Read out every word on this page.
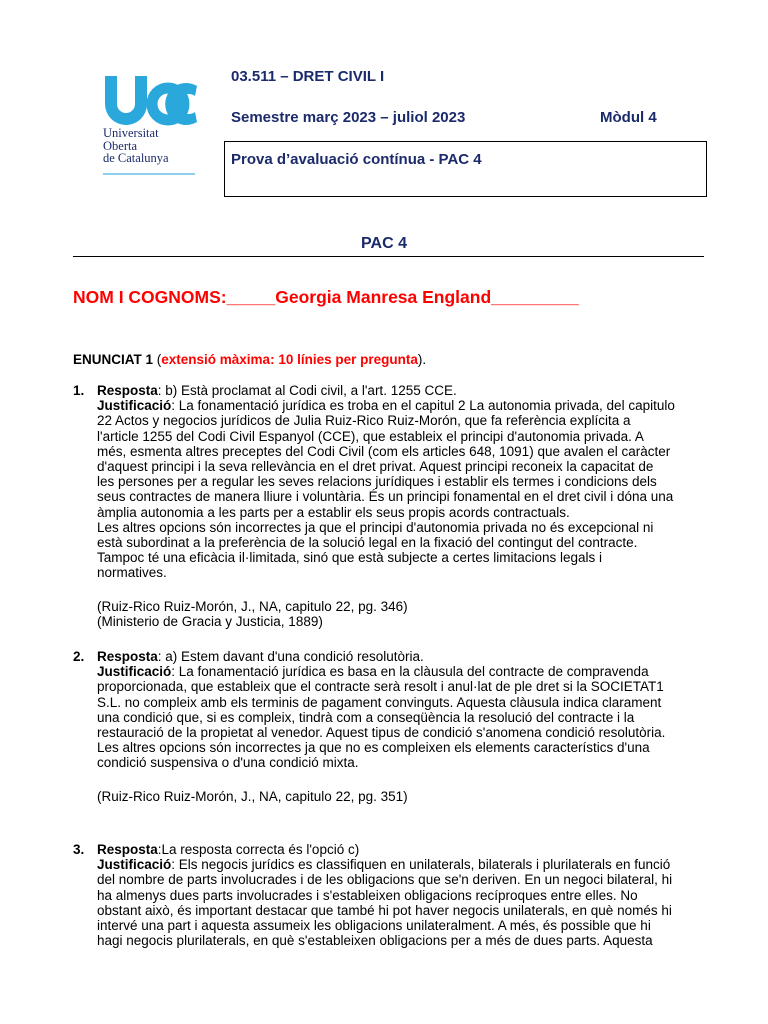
Universitat
Oberta
de Catalunya
03.511 – DRET CIVIL I
Semestre març 2023 – juliol 2023	Mòdul 4
Prova d’avaluació contínua - PAC 4
PAC 4
NOM I COGNOMS:_____Georgia Manresa England_________
ENUNCIAT 1 (extensió màxima: 10 línies per pregunta).
1. Resposta: b) Està proclamat al Codi civil, a l'art. 1255 CCE.

Justificació: La fonamentació jurídica es troba en el capitul 2 La autonomia privada, del capitulo

22 Actos y negocios jurídicos de Julia Ruiz-Rico Ruiz-Morón, que fa referència explícita a

l'article 1255 del Codi Civil Espanyol (CCE), que estableix el principi d'autonomia privada. A

més, esmenta altres preceptes del Codi Civil (com els articles 648, 1091) que avalen el caràcter

d'aquest principi i la seva rellevància en el dret privat. Aquest principi reconeix la capacitat de

les persones per a regular les seves relacions jurídiques i establir els termes i condicions dels

seus contractes de manera lliure i voluntària. És un principi fonamental en el dret civil i dóna una

àmplia autonomia a les parts per a establir els seus propis acords contractuals.

Les altres opcions són incorrectes ja que el principi d'autonomia privada no és excepcional ni

està subordinat a la preferència de la solució legal en la fixació del contingut del contracte.

Tampoc té una eficàcia il·limitada, sinó que està subjecte a certes limitacions legals i

normatives.

(Ruiz-Rico Ruiz-Morón, J., NA, capitulo 22, pg. 346)

(Ministerio de Gracia y Justicia, 1889)

2. Resposta: a) Estem davant d'una condició resolutòria.

Justificació: La fonamentació jurídica es basa en la clàusula del contracte de compravenda

proporcionada, que estableix que el contracte serà resolt i anul·lat de ple dret si la SOCIETAT1

S.L. no compleix amb els terminis de pagament convinguts. Aquesta clàusula indica clarament

una condició que, si es compleix, tindrà com a conseqüència la resolució del contracte i la

restauració de la propietat al venedor. Aquest tipus de condició s'anomena condició resolutòria.

Les altres opcions són incorrectes ja que no es compleixen els elements característics d'una

condició suspensiva o d'una condició mixta.

(Ruiz-Rico Ruiz-Morón, J., NA, capitulo 22, pg. 351)

3. Resposta:La resposta correcta és l'opció c)

Justificació: Els negocis jurídics es classifiquen en unilaterals, bilaterals i plurilaterals en funció

del nombre de parts involucrades i de les obligacions que se'n deriven. En un negoci bilateral, hi

ha almenys dues parts involucrades i s'estableixen obligacions recíproques entre elles. No

obstant això, és important destacar que també hi pot haver negocis unilaterals, en què només hi

intervé una part i aquesta assumeix les obligacions unilateralment. A més, és possible que hi

hagi negocis plurilaterals, en què s'estableixen obligacions per a més de dues parts. Aquesta
